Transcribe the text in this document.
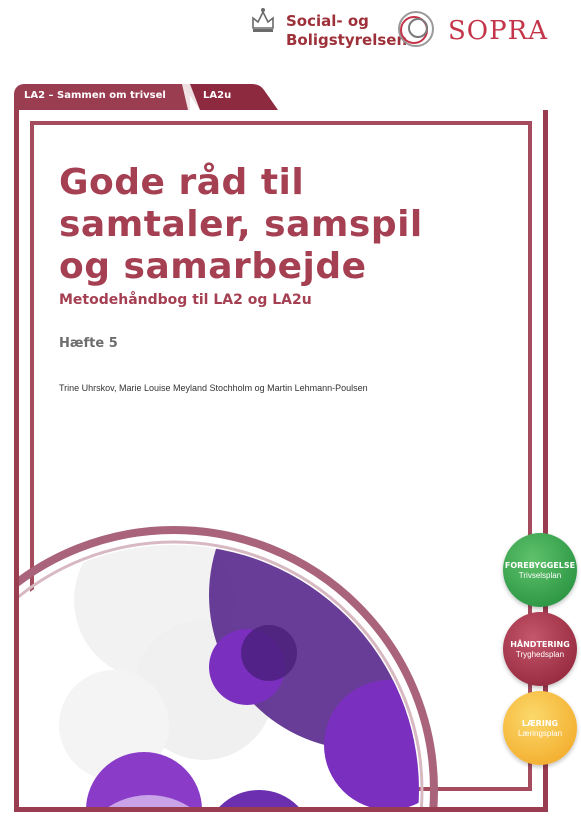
Social- og
Boligstyrelsen SOPRA
LA2 – Sammen om trivsel	LA2u
Gode råd til
samtaler, samspil
og samarbejde
Metodehåndbog til LA2 og LA2u
Hæfte 5
Trine Uhrskov, Marie Louise Meyland Stochholm og Martin Lehmann-Poulsen
FOREBYGGELSE
Trivselsplan
HÅNDTERING
Tryghedsplan
LÆRING
Læringsplan
